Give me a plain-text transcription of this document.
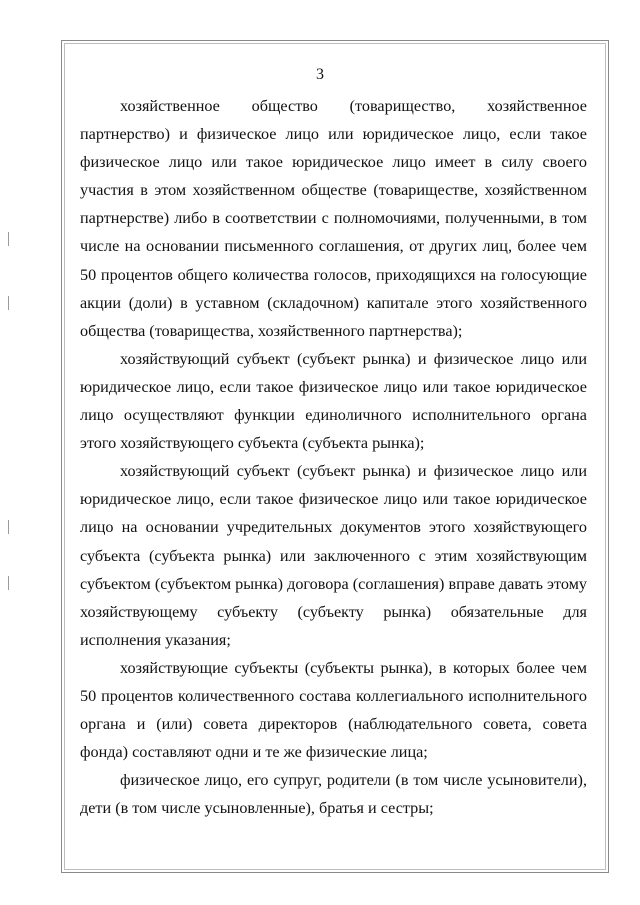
3

хозяйственное общество (товарищество, хозяйственное партнерство) и физическое лицо или юридическое лицо, если такое физическое лицо или такое юридическое лицо имеет в силу своего участия в этом хозяйственном обществе (товариществе, хозяйственном партнерстве) либо в соответствии с полномочиями, полученными, в том числе на основании письменного соглашения, от других лиц, более чем 50 процентов общего количества голосов, приходящихся на голосующие акции (доли) в уставном (складочном) капитале этого хозяйственного общества (товарищества, хозяйственного партнерства);

хозяйствующий субъект (субъект рынка) и физическое лицо или юридическое лицо, если такое физическое лицо или такое юридическое лицо осуществляют функции единоличного исполнительного органа этого хозяйствующего субъекта (субъекта рынка);

хозяйствующий субъект (субъект рынка) и физическое лицо или юридическое лицо, если такое физическое лицо или такое юридическое лицо на основании учредительных документов этого хозяйствующего субъекта (субъекта рынка) или заключенного с этим хозяйствующим субъектом (субъектом рынка) договора (соглашения) вправе давать этому хозяйствующему субъекту (субъекту рынка) обязательные для исполнения указания;

хозяйствующие субъекты (субъекты рынка), в которых более чем 50 процентов количественного состава коллегиального исполнительного органа и (или) совета директоров (наблюдательного совета, совета фонда) составляют одни и те же физические лица;

физическое лицо, его супруг, родители (в том числе усыновители), дети (в том числе усыновленные), братья и сестры;
